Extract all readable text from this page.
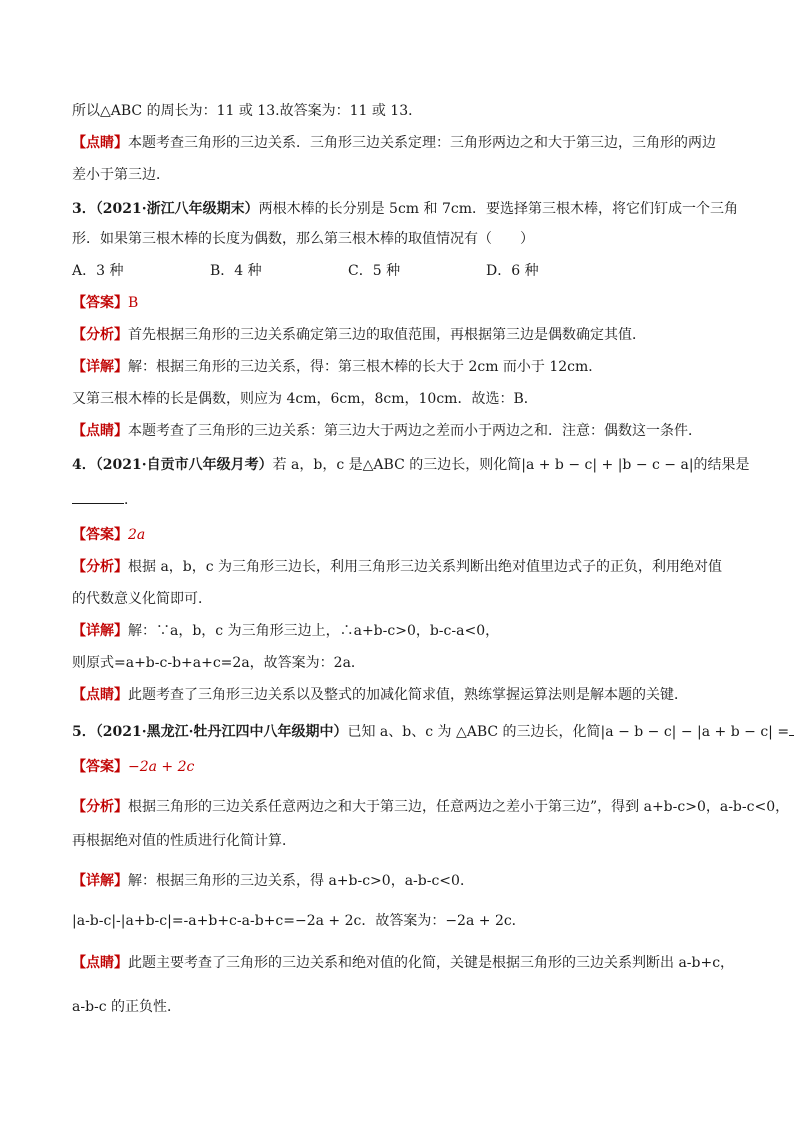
所以△ABC 的周长为：11 或 13.故答案为：11 或 13．
【点睛】本题考查三角形的三边关系．三角形三边关系定理：三角形两边之和大于第三边，三角形的两边
差小于第三边．
3．（2021·浙江八年级期末）两根木棒的长分别是 5cm 和 7cm．要选择第三根木棒，将它们钉成一个三角
形．如果第三根木棒的长度为偶数，那么第三根木棒的取值情况有（　　）
A．3 种	B．4 种	C．5 种	D．6 种
【答案】B
【分析】首先根据三角形的三边关系确定第三边的取值范围，再根据第三边是偶数确定其值．
【详解】解：根据三角形的三边关系，得：第三根木棒的长大于 2cm 而小于 12cm．
又第三根木棒的长是偶数，则应为 4cm，6cm，8cm，10cm．故选：B．
【点睛】本题考查了三角形的三边关系：第三边大于两边之差而小于两边之和．注意：偶数这一条件．
4．（2021·自贡市八年级月考）若 a，b，c 是△ABC 的三边长，则化简|a + b − c| + |b − c − a|的结果是
．
【答案】2a
【分析】根据 a，b，c 为三角形三边长，利用三角形三边关系判断出绝对值里边式子的正负，利用绝对值
的代数意义化简即可．
【详解】解：∵a，b，c 为三角形三边上，∴a+b-c>0，b-c-a<0，
则原式=a+b-c-b+a+c=2a，故答案为：2a．
【点睛】此题考查了三角形三边关系以及整式的加减化简求值，熟练掌握运算法则是解本题的关键．
5．（2021·黑龙江·牡丹江四中八年级期中）已知 a、b、c 为 △ABC 的三边长，化简|a − b − c| − |a + b − c| =
【答案】−2a + 2c
【分析】根据三角形的三边关系任意两边之和大于第三边，任意两边之差小于第三边”，得到 a+b-c>0，a-b-c<0，
再根据绝对值的性质进行化简计算．
【详解】解：根据三角形的三边关系，得 a+b-c>0，a-b-c<0．
|a-b-c|-|a+b-c|=-a+b+c-a-b+c=−2a + 2c．故答案为：−2a + 2c．
【点睛】此题主要考查了三角形的三边关系和绝对值的化简，关键是根据三角形的三边关系判断出 a-b+c，
a-b-c 的正负性．
